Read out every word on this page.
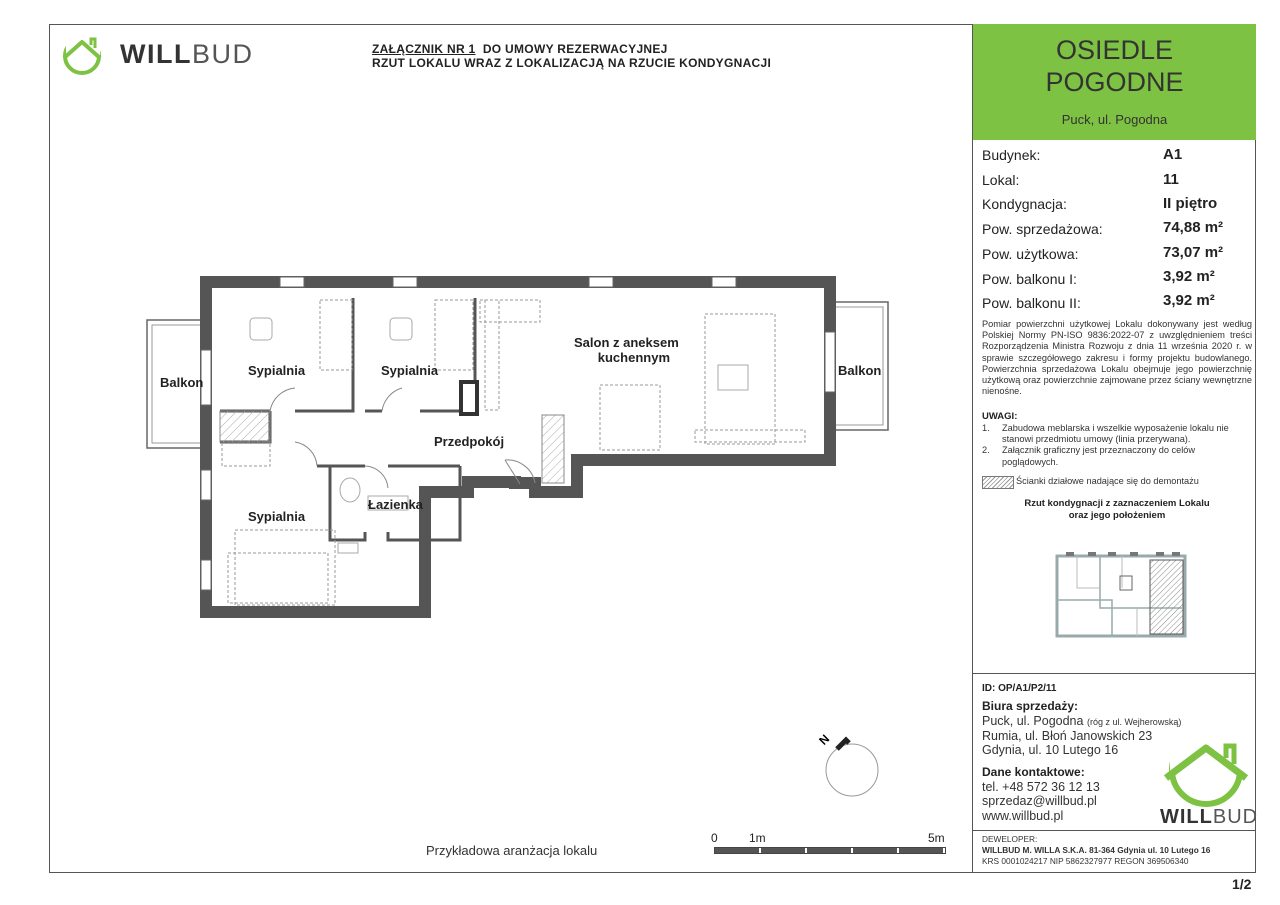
WILLBUD	ZAŁĄCZNIK NR 1 DO UMOWY REZERWACYJNEJ
RZUT LOKALU WRAZ Z LOKALIZACJĄ NA RZUCIE KONDYGNACJI	OSIEDLE
POGODNE
Puck, ul. Pogodna
Budynek:	A1
Lokal:	11
Kondygnacja:	II piętro
Pow. sprzedażowa:	74,88 m²
Pow. użytkowa:	73,07 m²
Pow. balkonu I:	3,92 m²
Pow. balkonu II:	3,92 m²
Pomiar powierzchni użytkowej Lokalu dokonywany jest według Polskiej Normy PN-ISO 9836:2022-07 z uwzględnieniem treści Rozporządzenia Ministra Rozwoju z dnia 11 września 2020 r. w sprawie szczegółowego zakresu i formy projektu budowlanego. Powierzchnia sprzedażowa Lokalu obejmuje jego powierzchnię użytkową oraz powierzchnie zajmowane przez ściany wewnętrzne nienośne.
UWAGI:
1. Zabudowa meblarska i wszelkie wyposażenie lokalu nie stanowi przedmiotu umowy (linia przerywana).
2. Załącznik graficzny jest przeznaczony do celów poglądowych.
Ścianki działowe nadające się do demontażu
Rzut kondygnacji z zaznaczeniem Lokalu
oraz jego położeniem
ID: OP/A1/P2/11
Biura sprzedaży:
Puck, ul. Pogodna (róg z ul. Wejherowską)
Rumia, ul. Błoń Janowskich 23
Gdynia, ul. 10 Lutego 16
Dane kontaktowe:
tel. +48 572 36 12 13
sprzedaz@willbud.pl
www.willbud.pl	WILLBUD
DEWELOPER:
WILLBUD M. WILLA S.K.A. 81-364 Gdynia ul. 10 Lutego 16
KRS 0001024217 NIP 5862327977 REGON 369506340
1/2
Sypialnia	Sypialnia
Sypialnia
Salon z aneksem
kuchennym
Przedpokój
Łazienka
Balkon
Balkon
N
0	1m	5m
Przykładowa aranżacja lokalu
